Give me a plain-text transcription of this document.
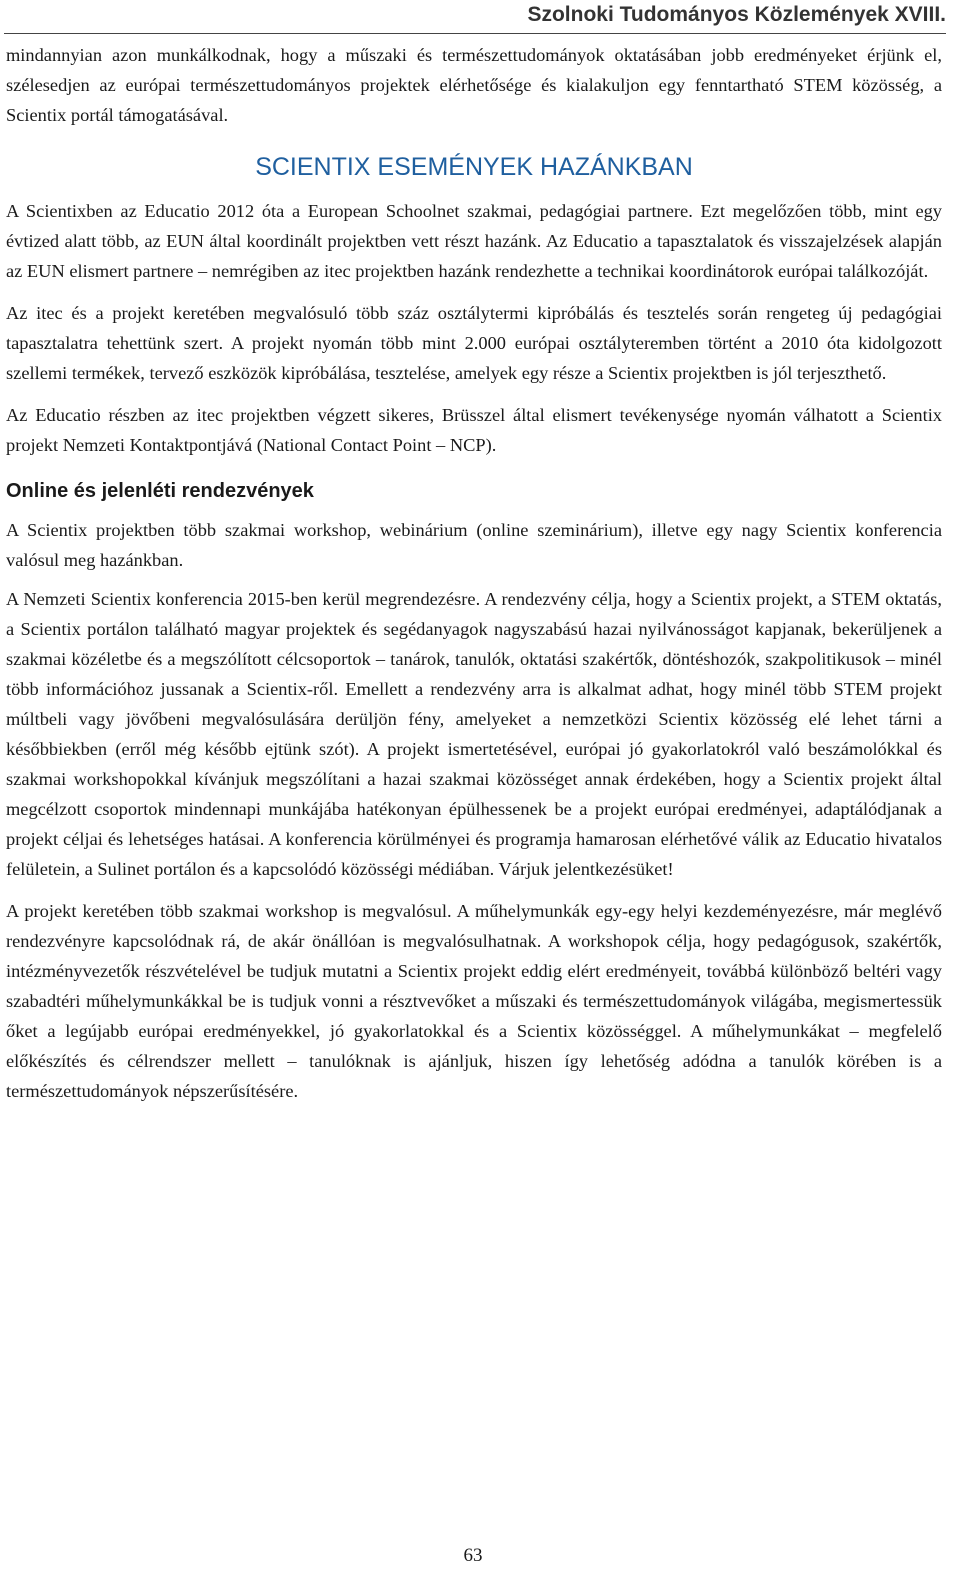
Szolnoki Tudományos Közlemények XVIII.

mindannyian azon munkálkodnak, hogy a műszaki és természettudományok oktatásában jobb eredményeket érjünk el, szélesedjen az európai természettudományos projektek elérhetősége és kialakuljon egy fenntartható STEM közösség, a Scientix portál támogatásával.

SCIENTIX ESEMÉNYEK HAZÁNKBAN

A Scientixben az Educatio 2012 óta a European Schoolnet szakmai, pedagógiai partnere. Ezt megelőzően több, mint egy évtized alatt több, az EUN által koordinált projektben vett részt hazánk. Az Educatio a tapasztalatok és visszajelzések alapján az EUN elismert partnere – nemrégiben az itec projektben hazánk rendezhette a technikai koordinátorok európai találkozóját.

Az itec és a projekt keretében megvalósuló több száz osztálytermi kipróbálás és tesztelés során rengeteg új pedagógiai tapasztalatra tehettünk szert. A projekt nyomán több mint 2.000 európai osztályteremben történt a 2010 óta kidolgozott szellemi termékek, tervező eszközök kipróbálása, tesztelése, amelyek egy része a Scientix projektben is jól terjeszthető.

Az Educatio részben az itec projektben végzett sikeres, Brüsszel által elismert tevékenysége nyomán válhatott a Scientix projekt Nemzeti Kontaktpontjává (National Contact Point – NCP).

Online és jelenléti rendezvények

A Scientix projektben több szakmai workshop, webinárium (online szeminárium), illetve egy nagy Scientix konferencia valósul meg hazánkban.

A Nemzeti Scientix konferencia 2015-ben kerül megrendezésre. A rendezvény célja, hogy a Scientix projekt, a STEM oktatás, a Scientix portálon található magyar projektek és segédanyagok nagyszabású hazai nyilvánosságot kapjanak, bekerüljenek a szakmai közéletbe és a megszólított célcsoportok – tanárok, tanulók, oktatási szakértők, döntéshozók, szakpolitikusok – minél több információhoz jussanak a Scientix-ről. Emellett a rendezvény arra is alkalmat adhat, hogy minél több STEM projekt múltbeli vagy jövőbeni megvalósulására derüljön fény, amelyeket a nemzetközi Scientix közösség elé lehet tárni a későbbiekben (erről még később ejtünk szót). A projekt ismertetésével, európai jó gyakorlatokról való beszámolókkal és szakmai workshopokkal kívánjuk megszólítani a hazai szakmai közösséget annak érdekében, hogy a Scientix projekt által megcélzott csoportok mindennapi munkájába hatékonyan épülhessenek be a projekt európai eredményei, adaptálódjanak a projekt céljai és lehetséges hatásai. A konferencia körülményei és programja hamarosan elérhetővé válik az Educatio hivatalos felületein, a Sulinet portálon és a kapcsolódó közösségi médiában. Várjuk jelentkezésüket!

A projekt keretében több szakmai workshop is megvalósul. A műhelymunkák egy-egy helyi kezdeményezésre, már meglévő rendezvényre kapcsolódnak rá, de akár önállóan is megvalósulhatnak. A workshopok célja, hogy pedagógusok, szakértők, intézményvezetők részvételével be tudjuk mutatni a Scientix projekt eddig elért eredményeit, továbbá különböző beltéri vagy szabadtéri műhelymunkákkal be is tudjuk vonni a résztvevőket a műszaki és természettudományok világába, megismertessük őket a legújabb európai eredményekkel, jó gyakorlatokkal és a Scientix közösséggel. A műhelymunkákat – megfelelő előkészítés és célrendszer mellett – tanulóknak is ajánljuk, hiszen így lehetőség adódna a tanulók körében is a természettudományok népszerűsítésére.

63
